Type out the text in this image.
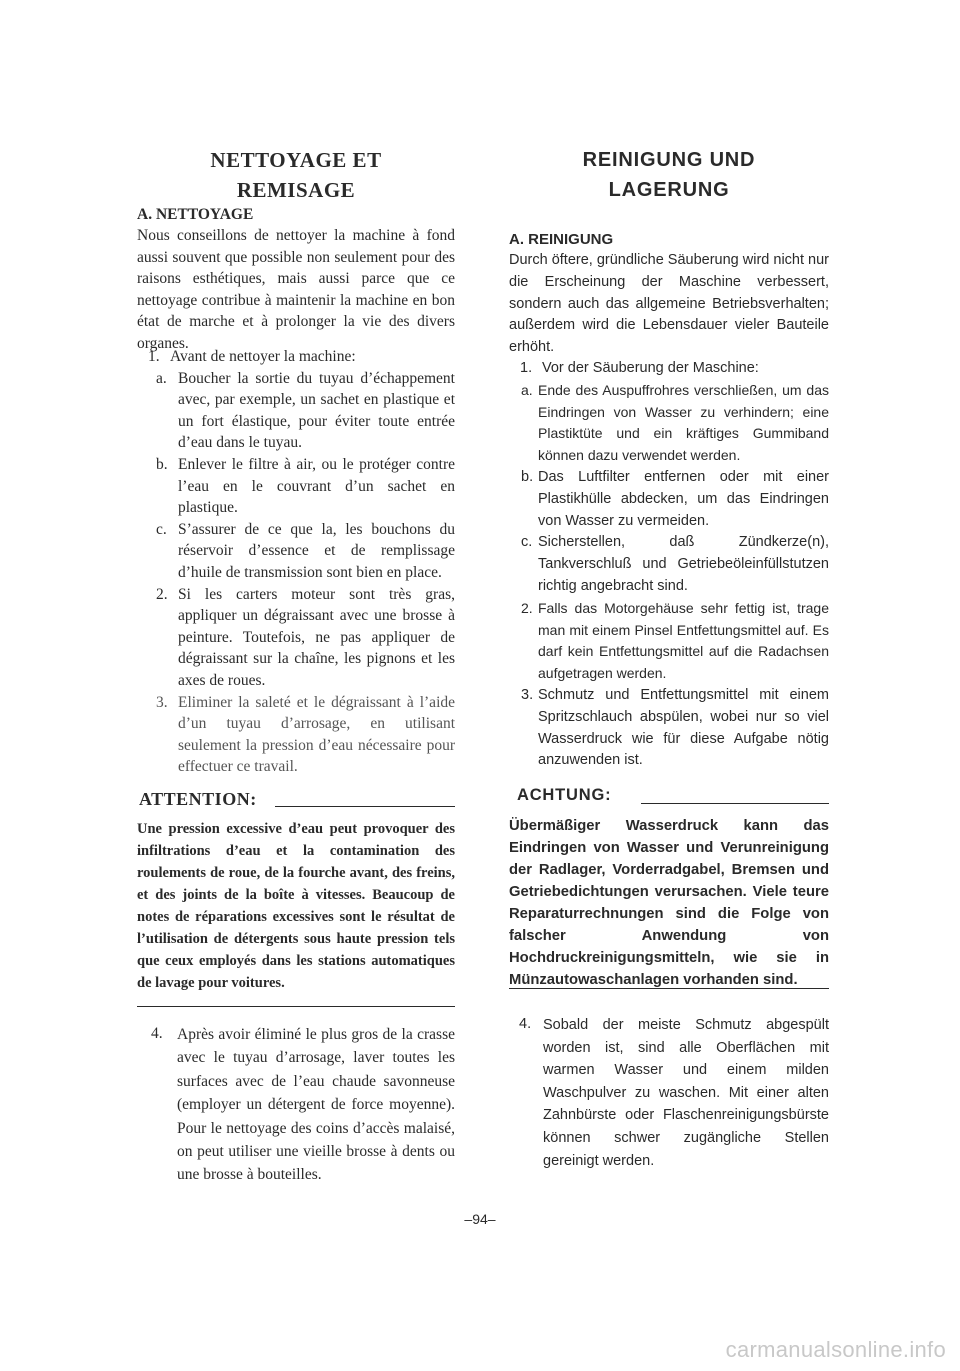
NETTOYAGE ET
REMISAGE
A. NETTOYAGE

Nous conseillons de nettoyer la machine à fond aussi souvent que possible non seulement pour des raisons esthétiques, mais aussi parce que ce nettoyage contribue à maintenir la machine en bon état de marche et à prolonger la vie des divers organes.

1. Avant de nettoyer la machine:

a. Boucher la sortie du tuyau d’échappement avec, par exemple, un sachet en plastique et un fort élastique, pour éviter toute entrée d’eau dans le tuyau.

b. Enlever le filtre à air, ou le protéger contre l’eau en le couvrant d’un sachet en plastique.

c. S’assurer de ce que la, les bouchons du réservoir d’essence et de remplissage d’huile de transmission sont bien en place.

2. Si les carters moteur sont très gras, appliquer un dégraissant avec une brosse à peinture. Toutefois, ne pas appliquer de dégraissant sur la chaîne, les pignons et les axes de roues.

3. Eliminer la saleté et le dégraissant à l’aide d’un tuyau d’arrosage, en utilisant seulement la pression d’eau nécessaire pour effectuer ce travail.

ATTENTION:

Une pression excessive d’eau peut provoquer des infiltrations d’eau et la contamination des roulements de roue, de la fourche avant, des freins, et des joints de la boîte à vitesses. Beaucoup de notes de réparations excessives sont le résultat de l’utilisation de détergents sous haute pression tels que ceux employés dans les stations automatiques de lavage pour voitures.

4. Après avoir éliminé le plus gros de la crasse avec le tuyau d’arrosage, laver toutes les surfaces avec de l’eau chaude savonneuse (employer un détergent de force moyenne). Pour le nettoyage des coins d’accès malaisé, on peut utiliser une vieille brosse à dents ou une brosse à bouteilles.

REINIGUNG UND
LAGERUNG
A. REINIGUNG

Durch öftere, gründliche Säuberung wird nicht nur die Erscheinung der Maschine verbessert, sondern auch das allgemeine Betriebsverhalten; außerdem wird die Lebensdauer vieler Bauteile erhöht.

1. Vor der Säuberung der Maschine:

a. Ende des Auspuffrohres verschließen, um das Eindringen von Wasser zu verhindern; eine Plastiktüte und ein kräftiges Gummiband können dazu verwendet werden.

b. Das Luftfilter entfernen oder mit einer Plastikhülle abdecken, um das Eindringen von Wasser zu vermeiden.

c. Sicherstellen, daß Zündkerze(n), Tankverschluß und Getriebeöleinfüllstutzen richtig angebracht sind.

2. Falls das Motorgehäuse sehr fettig ist, trage man mit einem Pinsel Entfettungsmittel auf. Es darf kein Entfettungsmittel auf die Radachsen aufgetragen werden.

3. Schmutz und Entfettungsmittel mit einem Spritzschlauch abspülen, wobei nur so viel Wasserdruck wie für diese Aufgabe nötig anzuwenden ist.

ACHTUNG:

Übermäßiger Wasserdruck kann das Eindringen von Wasser und Verunreinigung der Radlager, Vorderradgabel, Bremsen und Getriebedichtungen verursachen. Viele teure Reparaturrechnungen sind die Folge von falscher Anwendung von Hochdruckreinigungsmitteln, wie sie in Münzautowaschanlagen vorhanden sind.

4. Sobald der meiste Schmutz abgespült worden ist, sind alle Oberflächen mit warmen Wasser und einem milden Waschpulver zu waschen. Mit einer alten Zahnbürste oder Flaschenreinigungsbürste können schwer zugängliche Stellen gereinigt werden.

–94–
carmanualsonline.info
